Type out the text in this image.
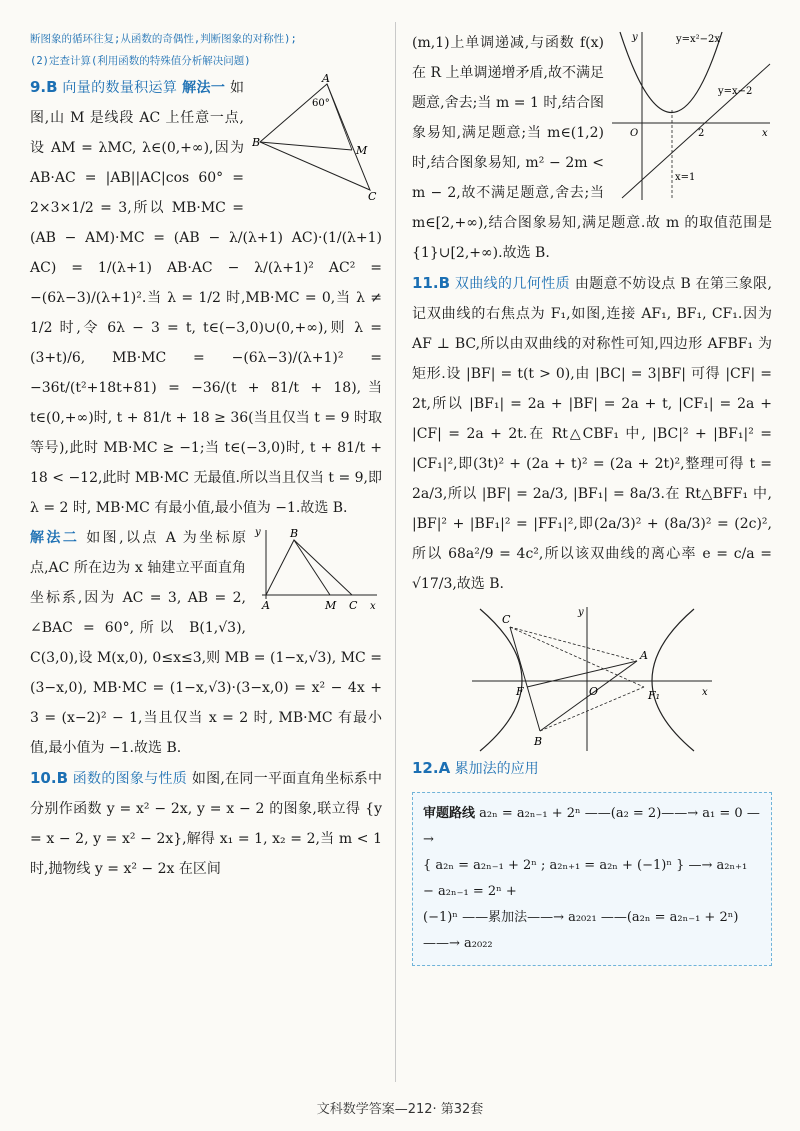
断图象的循环往复;从函数的奇偶性,判断图象的对称性);
(2)定查计算(利用函数的特殊值分析解决问题)
A
60°
B
M
C

9.B 向量的数量积运算 解法一 如图,山 M 是线段 AC 上任意一点,设 AM = λMC, λ∈(0,+∞),因为 AB·AC = |AB||AC|cos 60° = 2×3×1/2 = 3,所以 MB·MC = (AB − AM)·MC = (AB − λ/(λ+1) AC)·(1/(λ+1) AC) = 1/(λ+1) AB·AC − λ/(λ+1)² AC² = −(6λ−3)/(λ+1)².当 λ = 1/2 时,MB·MC = 0,当 λ ≠ 1/2 时,令 6λ − 3 = t, t∈(−3,0)∪(0,+∞),则 λ = (3+t)/6, MB·MC = −(6λ−3)/(λ+1)² = −36t/(t²+18t+81) = −36/(t + 81/t + 18),当 t∈(0,+∞)时, t + 81/t + 18 ≥ 36(当且仅当 t = 9 时取等号),此时 MB·MC ≥ −1;当 t∈(−3,0)时, t + 81/t + 18 < −12,此时 MB·MC 无最值.所以当且仅当 t = 9,即 λ = 2 时, MB·MC 有最小值,最小值为 −1.故选 B.

y	B
A	M C x

解法二 如图,以点 A 为坐标原点,AC 所在边为 x 轴建立平面直角坐标系,因为 AC = 3, AB = 2, ∠BAC = 60°,所以 B(1,√3), C(3,0),设 M(x,0), 0≤x≤3,则 MB = (1−x,√3), MC = (3−x,0), MB·MC = (1−x,√3)·(3−x,0) = x² − 4x + 3 = (x−2)² − 1,当且仅当 x = 2 时, MB·MC 有最小值,最小值为 −1.故选 B.

10.B 函数的图象与性质 如图,在同一平面直角坐标系中分别作函数 y = x² − 2x, y = x − 2 的图象,联立得 {y = x − 2, y = x² − 2x},解得 x₁ = 1, x₂ = 2,当 m < 1 时,抛物线 y = x² − 2x 在区间

y	y=x²−2x
y=x−2
O	2	x
x=1

(m,1)上单调递减,与函数 f(x) 在 R 上单调递增矛盾,故不满足题意,舍去;当 m = 1 时,结合图象易知,满足题意;当 m∈(1,2)时,结合图象易知, m² − 2m < m − 2,故不满足题意,舍去;当 m∈[2,+∞),结合图象易知,满足题意.故 m 的取值范围是 {1}∪[2,+∞).故选 B.

11.B 双曲线的几何性质 由题意不妨设点 B 在第三象限,记双曲线的右焦点为 F₁,如图,连接 AF₁, BF₁, CF₁.因为 AF ⊥ BC,所以由双曲线的对称性可知,四边形 AFBF₁ 为矩形.设 |BF| = t(t > 0),由 |BC| = 3|BF| 可得 |CF| = 2t,所以 |BF₁| = 2a + |BF| = 2a + t, |CF₁| = 2a + |CF| = 2a + 2t.在 Rt△CBF₁ 中, |BC|² + |BF₁|² = |CF₁|²,即(3t)² + (2a + t)² = (2a + 2t)²,整理可得 t = 2a/3,所以 |BF| = 2a/3, |BF₁| = 8a/3.在 Rt△BFF₁ 中, |BF|² + |BF₁|² = |FF₁|²,即(2a/3)² + (8a/3)² = (2c)²,所以 68a²/9 = 4c²,所以该双曲线的离心率 e = c/a = √17/3,故选 B.

C
y
A
F	O	F₁	x
B

12.A 累加法的应用

审题路线 a₂ₙ = a₂ₙ₋₁ + 2ⁿ ——(a₂ = 2)——→ a₁ = 0 —→

{ a₂ₙ = a₂ₙ₋₁ + 2ⁿ ; a₂ₙ₊₁ = a₂ₙ + (−1)ⁿ } —→ a₂ₙ₊₁ − a₂ₙ₋₁ = 2ⁿ +

(−1)ⁿ ——累加法——→ a₂₀₂₁ ——(a₂ₙ = a₂ₙ₋₁ + 2ⁿ)——→ a₂₀₂₂

文科数学答案—212· 第32套
